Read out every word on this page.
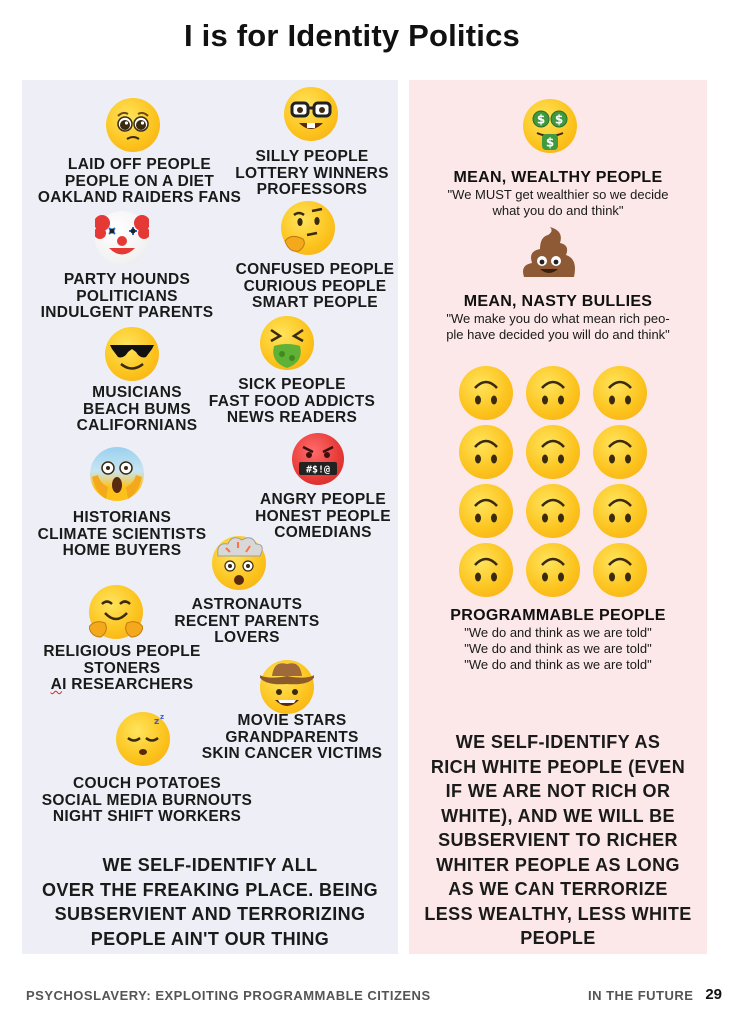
I is for Identity Politics
LAID OFF PEOPLE
PEOPLE ON A DIET
OAKLAND RAIDERS FANS
SILLY PEOPLE
LOTTERY WINNERS
PROFESSORS
PARTY HOUNDS
POLITICIANS
INDULGENT PARENTS
CONFUSED PEOPLE
CURIOUS PEOPLE
SMART PEOPLE
MUSICIANS
BEACH BUMS
CALIFORNIANS
SICK PEOPLE
FAST FOOD ADDICTS
NEWS READERS
HISTORIANS
CLIMATE SCIENTISTS
HOME BUYERS
#$!@
ANGRY PEOPLE
HONEST PEOPLE
COMEDIANS
ASTRONAUTS
RECENT PARENTS
LOVERS
RELIGIOUS PEOPLE
STONERS
AI RESEARCHERS
MOVIE STARS
GRANDPARENTS
SKIN CANCER VICTIMS
z z
COUCH POTATOES
SOCIAL MEDIA BURNOUTS
NIGHT SHIFT WORKERS
WE SELF-IDENTIFY ALL
OVER THE FREAKING PLACE. BEING
SUBSERVIENT AND TERRORIZING
PEOPLE AIN'T OUR THING
$ $
$
MEAN, WEALTHY PEOPLE
"We MUST get wealthier so we decide
what you do and think"
MEAN, NASTY BULLIES
"We make you do what mean rich peo-
ple have decided you will do and think"
PROGRAMMABLE PEOPLE
"We do and think as we are told"
"We do and think as we are told"
"We do and think as we are told"
WE SELF-IDENTIFY AS
RICH WHITE PEOPLE (EVEN
IF WE ARE NOT RICH OR
WHITE), AND WE WILL BE
SUBSERVIENT TO RICHER
WHITER PEOPLE AS LONG
AS WE CAN TERRORIZE
LESS WEALTHY, LESS WHITE
PEOPLE
PSYCHOSLAVERY: EXPLOITING PROGRAMMABLE CITIZENS	IN THE FUTURE 29
